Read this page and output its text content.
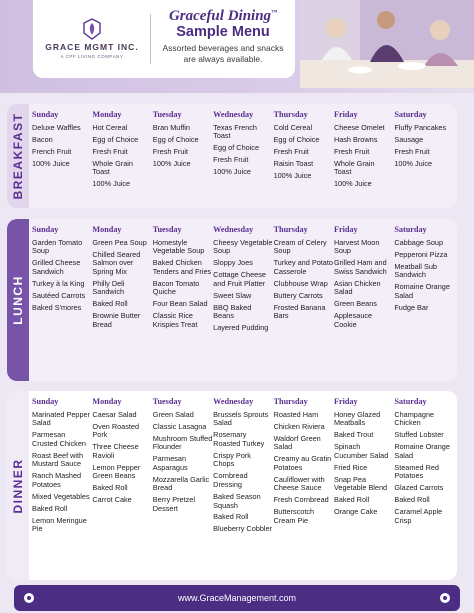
GRACE MGMT INC.
A CPF LIVING COMPANY
Graceful Dining™
Sample Menu
Assorted beverages and snacks are always available.
BREAKFAST Sunday
Deluxe Waffles
Bacon
French Fruit
100% Juice
Monday
Hot Cereal
Egg of Choice
Fresh Fruit
Whole Grain Toast
100% Juice
Tuesday
Bran Muffin
Egg of Choice
Fresh Fruit
100% Juice
Wednesday
Texas French Toast
Egg of Choice
Fresh Fruit
100% Juice
Thursday
Cold Cereal
Egg of Choice
Fresh Fruit
Raisin Toast
100% Juice
Friday
Cheese Omelet
Hash Browns
Fresh Fruit
Whole Grain Toast
100% Juice
Saturday
Fluffy Pancakes
Sausage
Fresh Fruit
100% Juice
LUNCH
Sunday
Garden Tomato Soup
Grilled Cheese Sandwich
Turkey à la King
Sautéed Carrots
Baked S'mores
Monday
Green Pea Soup
Chilled Seared Salmon over Spring Mix
Philly Deli Sandwich
Baked Roll
Brownie Butter Bread
Tuesday
Homestyle Vegetable Soup
Baked Chicken Tenders and Fries
Bacon Tomato Quiche
Four Bean Salad
Classic Rice Krispies Treat
Wednesday
Cheesy Vegetable Soup
Sloppy Joes
Cottage Cheese and Fruit Platter
Sweet Slaw
BBQ Baked Beans
Layered Pudding
Thursday
Cream of Celery Soup
Turkey and Potato Casserole
Clubhouse Wrap
Buttery Carrots
Frosted Banana Bars
Friday
Harvest Moon Soup
Grilled Ham and Swiss Sandwich
Asian Chicken Salad
Green Beans
Applesauce Cookie
Saturday
Cabbage Soup
Pepperoni Pizza
Meatball Sub Sandwich
Romaine Orange Salad
Fudge Bar
DINNER
Sunday
Marinated Pepper Salad
Parmesan Crusted Chicken
Roast Beef with Mustard Sauce
Ranch Mashed Potatoes
Mixed Vegetables
Baked Roll
Lemon Meringue Pie
Monday
Caesar Salad
Oven Roasted Pork
Three Cheese Ravioli
Lemon Pepper Green Beans
Baked Roll
Carrot Cake
Tuesday
Green Salad
Classic Lasagna
Mushroom Stuffed Flounder
Parmesan Asparagus
Mozzarella Garlic Bread
Berry Pretzel Dessert
Wednesday
Brussels Sprouts Salad
Rosemary Roasted Turkey
Crispy Pork Chops
Cornbread Dressing
Baked Season Squash
Baked Roll
Blueberry Cobbler
Thursday
Roasted Ham
Chicken Riviera
Waldorf Green Salad
Creamy au Gratin Potatoes
Cauliflower with Cheese Sauce
Fresh Cornbread
Butterscotch Cream Pie
Friday
Honey Glazed Meatballs
Baked Trout
Spinach Cucumber Salad
Fried Rice
Snap Pea Vegetable Blend
Baked Roll
Orange Cake
Saturday
Champagne Chicken
Stuffed Lobster
Romaine Orange Salad
Steamed Red Potatoes
Glazed Carrots
Baked Roll
Caramel Apple Crisp
www.GraceManagement.com
